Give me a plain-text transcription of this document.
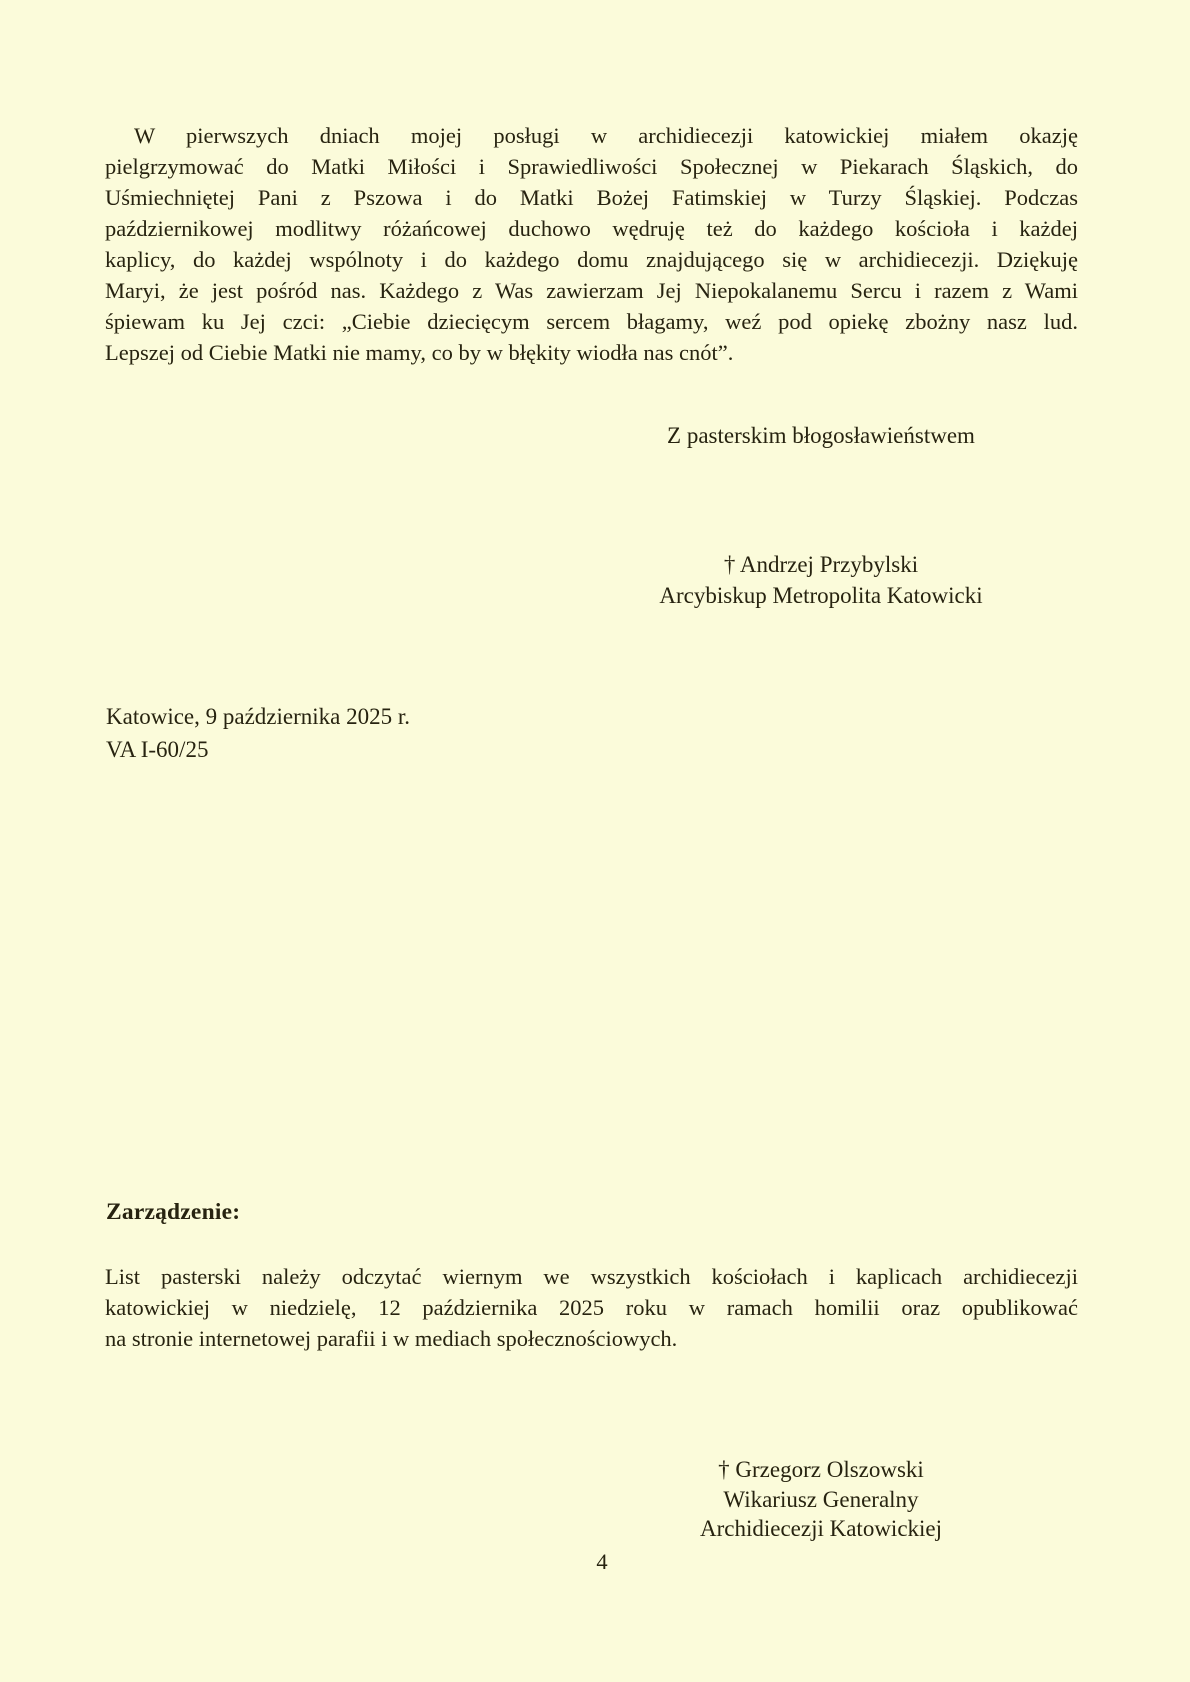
W pierwszych dniach mojej posługi w archidiecezji katowickiej miałem okazję
pielgrzymować do Matki Miłości i Sprawiedliwości Społecznej w Piekarach Śląskich, do
Uśmiechniętej Pani z Pszowa i do Matki Bożej Fatimskiej w Turzy Śląskiej. Podczas
październikowej modlitwy różańcowej duchowo wędruję też do każdego kościoła i każdej
kaplicy, do każdej wspólnoty i do każdego domu znajdującego się w archidiecezji. Dziękuję
Maryi, że jest pośród nas. Każdego z Was zawierzam Jej Niepokalanemu Sercu i razem z Wami
śpiewam ku Jej czci: „Ciebie dziecięcym sercem błagamy, weź pod opiekę zbożny nasz lud.
Lepszej od Ciebie Matki nie mamy, co by w błękity wiodła nas cnót”.
Z pasterskim błogosławieństwem
† Andrzej Przybylski
Arcybiskup Metropolita Katowicki
Katowice, 9 października 2025 r.
VA I-60/25
Zarządzenie:
List pasterski należy odczytać wiernym we wszystkich kościołach i kaplicach archidiecezji
katowickiej w niedzielę, 12 października 2025 roku w ramach homilii oraz opublikować
na stronie internetowej parafii i w mediach społecznościowych.
† Grzegorz Olszowski
Wikariusz Generalny
Archidiecezji Katowickiej
4
